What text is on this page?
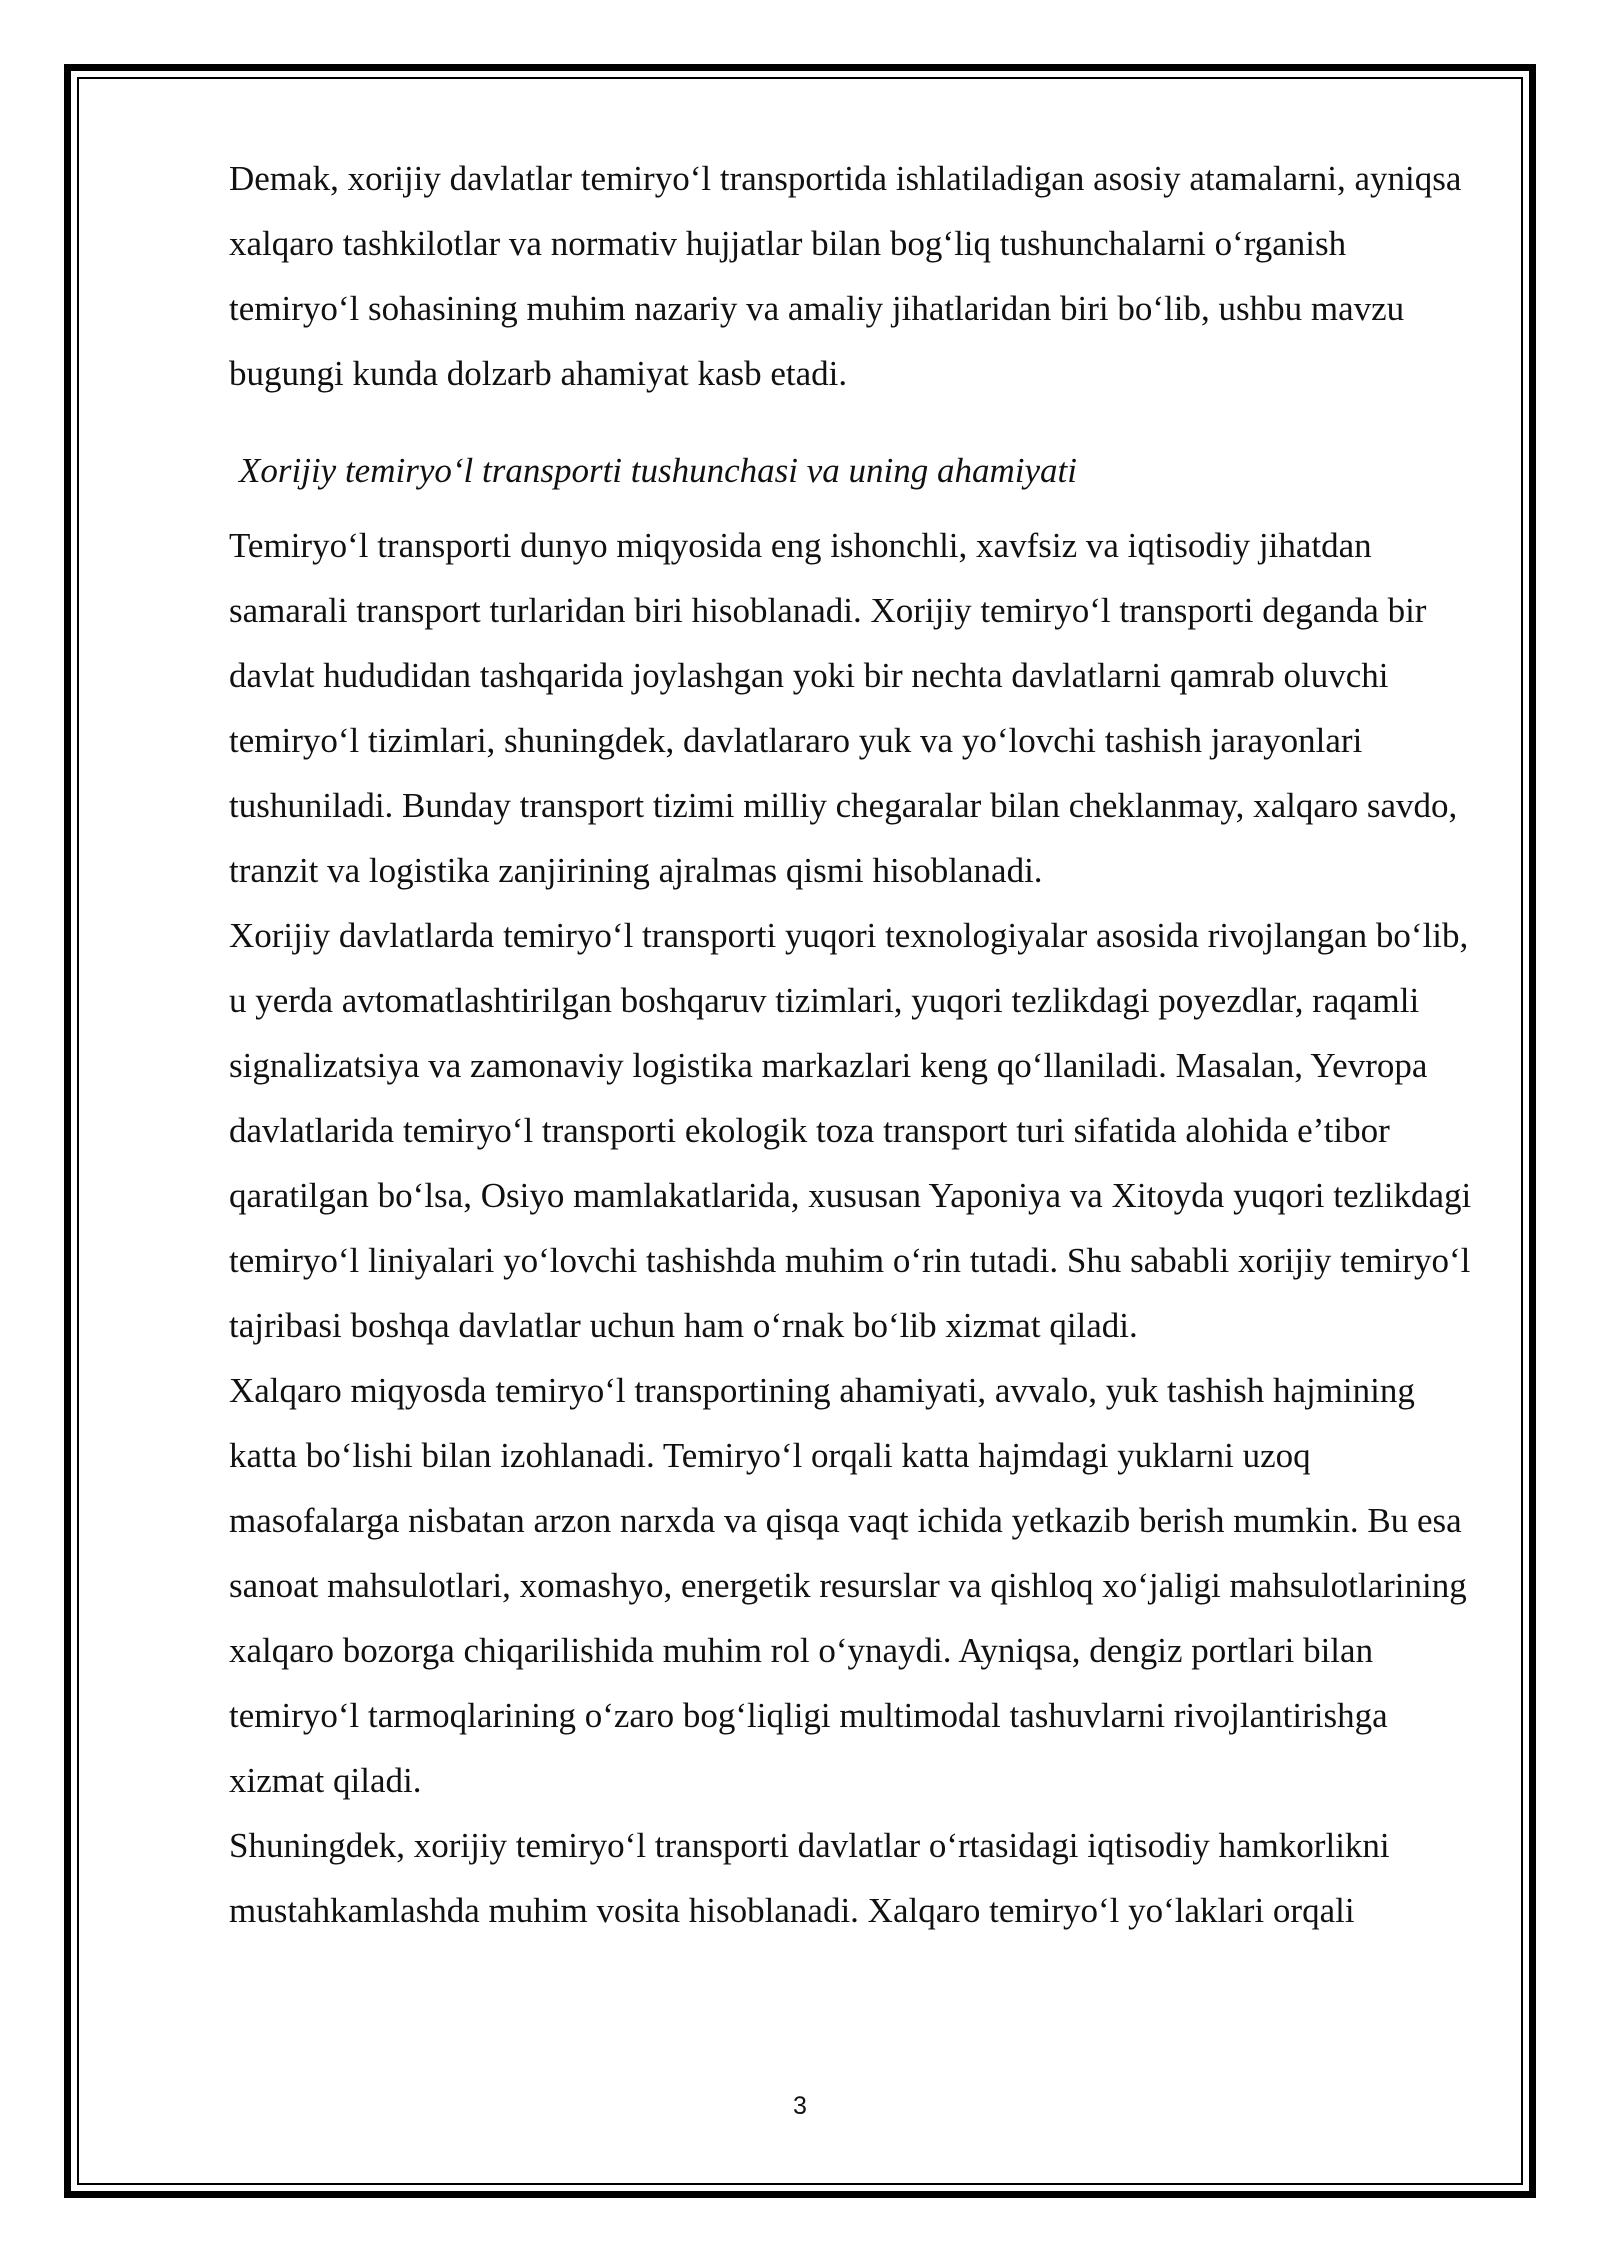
Demak, xorijiy davlatlar temiryo‘l transportida ishlatiladigan asosiy atamalarni, ayniqsa xalqaro tashkilotlar va normativ hujjatlar bilan bog‘liq tushunchalarni o‘rganish temiryo‘l sohasining muhim nazariy va amaliy jihatlaridan biri bo‘lib, ushbu mavzu bugungi kunda dolzarb ahamiyat kasb etadi.

Xorijiy temiryo‘l transporti tushunchasi va uning ahamiyati

Temiryo‘l transporti dunyo miqyosida eng ishonchli, xavfsiz va iqtisodiy jihatdan samarali transport turlaridan biri hisoblanadi. Xorijiy temiryo‘l transporti deganda bir davlat hududidan tashqarida joylashgan yoki bir nechta davlatlarni qamrab oluvchi temiryo‘l tizimlari, shuningdek, davlatlararo yuk va yo‘lovchi tashish jarayonlari tushuniladi. Bunday transport tizimi milliy chegaralar bilan cheklanmay, xalqaro savdo, tranzit va logistika zanjirining ajralmas qismi hisoblanadi.

Xorijiy davlatlarda temiryo‘l transporti yuqori texnologiyalar asosida rivojlangan bo‘lib, u yerda avtomatlashtirilgan boshqaruv tizimlari, yuqori tezlikdagi poyezdlar, raqamli signalizatsiya va zamonaviy logistika markazlari keng qo‘llaniladi. Masalan, Yevropa davlatlarida temiryo‘l transporti ekologik toza transport turi sifatida alohida e’tibor qaratilgan bo‘lsa, Osiyo mamlakatlarida, xususan Yaponiya va Xitoyda yuqori tezlikdagi temiryo‘l liniyalari yo‘lovchi tashishda muhim o‘rin tutadi. Shu sababli xorijiy temiryo‘l tajribasi boshqa davlatlar uchun ham o‘rnak bo‘lib xizmat qiladi.

Xalqaro miqyosda temiryo‘l transportining ahamiyati, avvalo, yuk tashish hajmining katta bo‘lishi bilan izohlanadi. Temiryo‘l orqali katta hajmdagi yuklarni uzoq masofalarga nisbatan arzon narxda va qisqa vaqt ichida yetkazib berish mumkin. Bu esa sanoat mahsulotlari, xomashyo, energetik resurslar va qishloq xo‘jaligi mahsulotlarining xalqaro bozorga chiqarilishida muhim rol o‘ynaydi. Ayniqsa, dengiz portlari bilan temiryo‘l tarmoqlarining o‘zaro bog‘liqligi multimodal tashuvlarni rivojlantirishga xizmat qiladi.

Shuningdek, xorijiy temiryo‘l transporti davlatlar o‘rtasidagi iqtisodiy hamkorlikni mustahkamlashda muhim vosita hisoblanadi. Xalqaro temiryo‘l yo‘laklari orqali

3
